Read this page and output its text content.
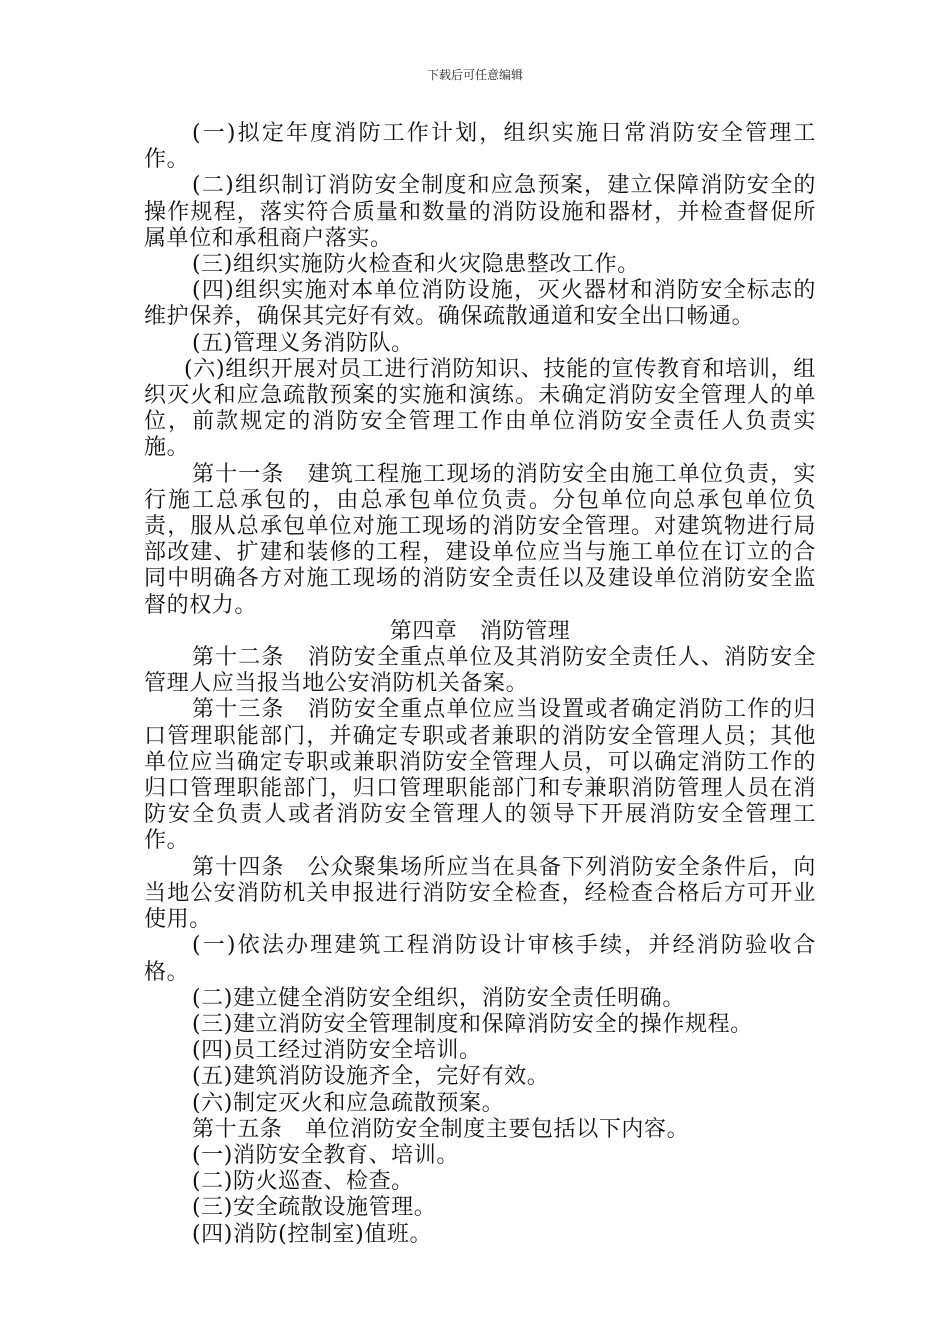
下载后可任意编辑

(一)拟定年度消防工作计划，组织实施日常消防安全管理工作。

(二)组织制订消防安全制度和应急预案，建立保障消防安全的操作规程，落实符合质量和数量的消防设施和器材，并检查督促所属单位和承租商户落实。

(三)组织实施防火检查和火灾隐患整改工作。

(四)组织实施对本单位消防设施，灭火器材和消防安全标志的维护保养，确保其完好有效。确保疏散通道和安全出口畅通。

(五)管理义务消防队。

(六)组织开展对员工进行消防知识、技能的宣传教育和培训，组织灭火和应急疏散预案的实施和演练。未确定消防安全管理人的单位，前款规定的消防安全管理工作由单位消防安全责任人负责实施。

第十一条　建筑工程施工现场的消防安全由施工单位负责，实行施工总承包的，由总承包单位负责。分包单位向总承包单位负责，服从总承包单位对施工现场的消防安全管理。对建筑物进行局部改建、扩建和装修的工程，建设单位应当与施工单位在订立的合同中明确各方对施工现场的消防安全责任以及建设单位消防安全监督的权力。

第四章　消防管理

第十二条　消防安全重点单位及其消防安全责任人、消防安全管理人应当报当地公安消防机关备案。

第十三条　消防安全重点单位应当设置或者确定消防工作的归口管理职能部门，并确定专职或者兼职的消防安全管理人员；其他单位应当确定专职或兼职消防安全管理人员，可以确定消防工作的归口管理职能部门，归口管理职能部门和专兼职消防管理人员在消防安全负责人或者消防安全管理人的领导下开展消防安全管理工作。

第十四条　公众聚集场所应当在具备下列消防安全条件后，向当地公安消防机关申报进行消防安全检查，经检查合格后方可开业使用。

(一)依法办理建筑工程消防设计审核手续，并经消防验收合格。

(二)建立健全消防安全组织，消防安全责任明确。

(三)建立消防安全管理制度和保障消防安全的操作规程。

(四)员工经过消防安全培训。

(五)建筑消防设施齐全，完好有效。

(六)制定灭火和应急疏散预案。

第十五条　单位消防安全制度主要包括以下内容。

(一)消防安全教育、培训。

(二)防火巡查、检查。

(三)安全疏散设施管理。

(四)消防(控制室)值班。
